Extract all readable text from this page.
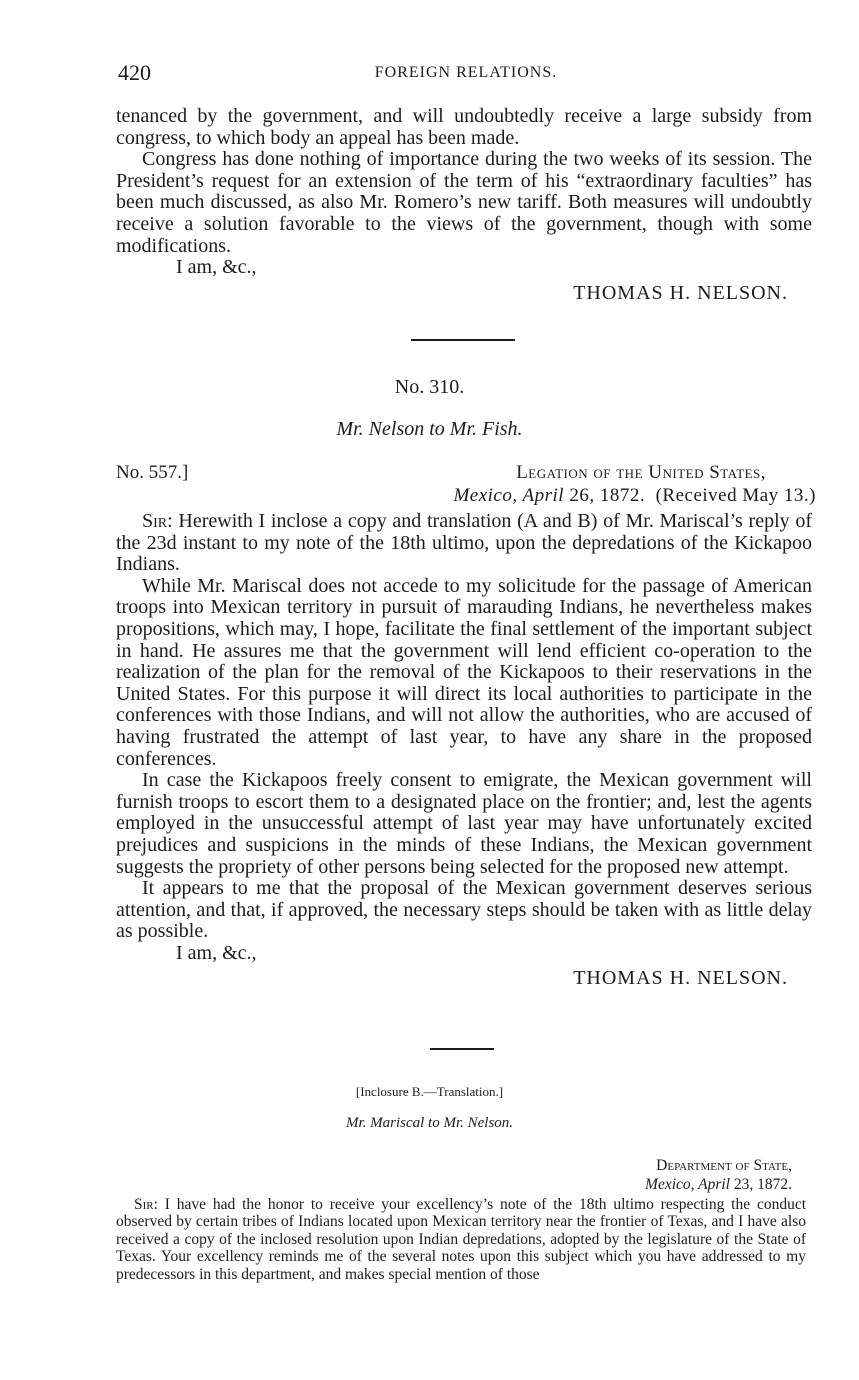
420	FOREIGN RELATIONS.

tenanced by the government, and will undoubtedly receive a large subsidy from congress, to which body an appeal has been made.

Congress has done nothing of importance during the two weeks of its session. The President’s request for an extension of the term of his “extraordinary faculties” has been much discussed, as also Mr. Romero’s new tariff. Both measures will undoubtly receive a solution favorable to the views of the government, though with some modifications.

I am, &c.,

THOMAS H. NELSON.

No. 310.
Mr. Nelson to Mr. Fish.
No. 557.]	Legation of the United States,
Mexico, April 26, 1872. (Received May 13.)

Sir: Herewith I inclose a copy and translation (A and B) of Mr. Mariscal’s reply of the 23d instant to my note of the 18th ultimo, upon the depredations of the Kickapoo Indians.

While Mr. Mariscal does not accede to my solicitude for the passage of American troops into Mexican territory in pursuit of marauding Indians, he nevertheless makes propositions, which may, I hope, facilitate the final settlement of the important subject in hand. He assures me that the government will lend efficient co-operation to the realization of the plan for the removal of the Kickapoos to their reservations in the United States. For this purpose it will direct its local authorities to participate in the conferences with those Indians, and will not allow the authorities, who are accused of having frustrated the attempt of last year, to have any share in the proposed conferences.

In case the Kickapoos freely consent to emigrate, the Mexican government will furnish troops to escort them to a designated place on the frontier; and, lest the agents employed in the unsuccessful attempt of last year may have unfortunately excited prejudices and suspicions in the minds of these Indians, the Mexican government suggests the propriety of other persons being selected for the proposed new attempt.

It appears to me that the proposal of the Mexican government deserves serious attention, and that, if approved, the necessary steps should be taken with as little delay as possible.

I am, &c.,

THOMAS H. NELSON.

[Inclosure B.—Translation.]
Mr. Mariscal to Mr. Nelson.
Department of State,
Mexico, April 23, 1872.

Sir: I have had the honor to receive your excellency’s note of the 18th ultimo respecting the conduct observed by certain tribes of Indians located upon Mexican territory near the frontier of Texas, and I have also received a copy of the inclosed resolution upon Indian depredations, adopted by the legislature of the State of Texas. Your excellency reminds me of the several notes upon this subject which you have addressed to my predecessors in this department, and makes special mention of those
